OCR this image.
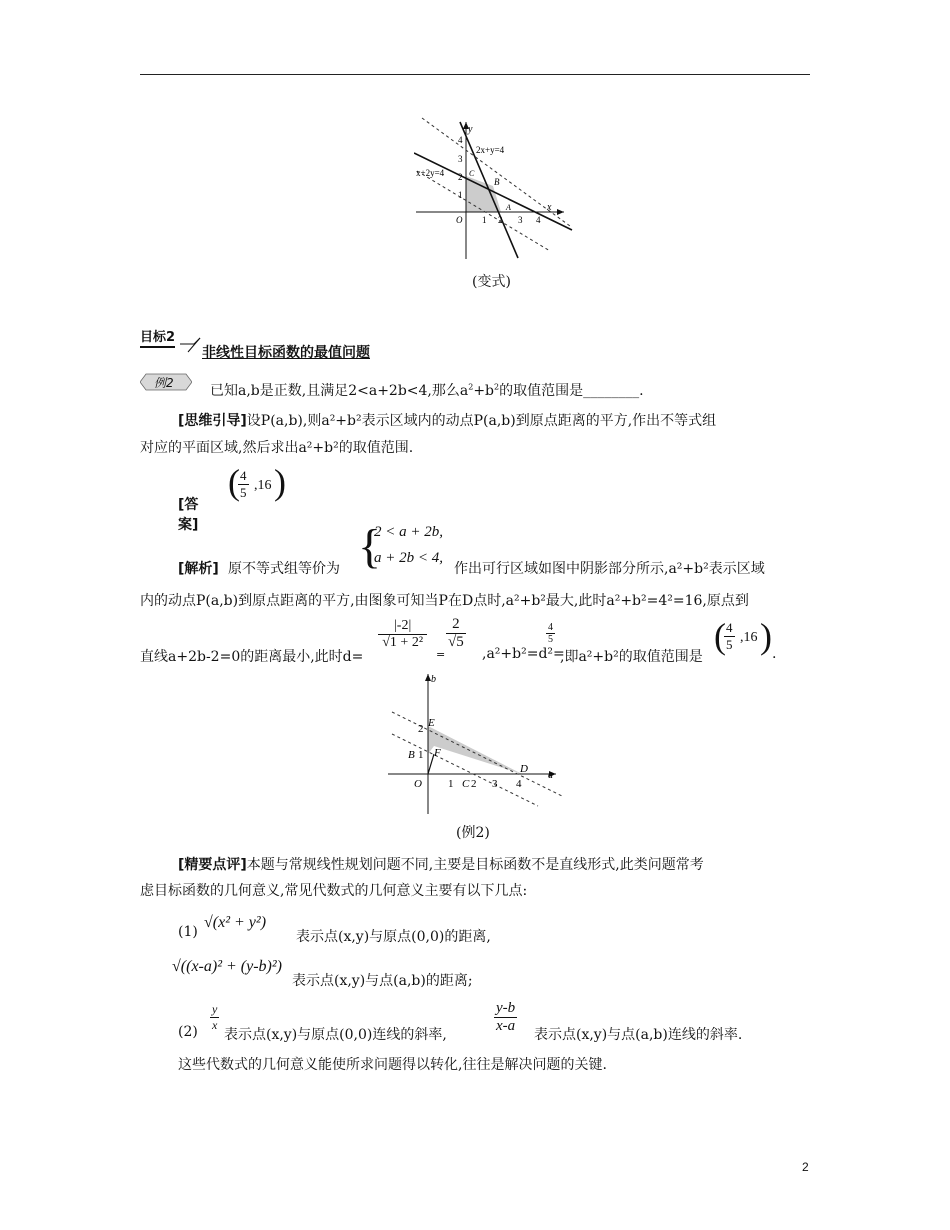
y
x
O
B
C
A
2x+y=4
x+2y=4
1 2 3 4
1
2
3
4
(变式)
目标2
非线性目标函数的最值问题
例2	已知a,b是正数,且满足2<a+2b<4,那么$a^2+b^2$的取值范围是________.
[思维引导]设P(a,b),则a²+b²表示区域内的动点P(a,b)到原点距离的平方,作出不等式组
对应的平面区域,然后求出a²+b²的取值范围.
[答案]
(
$\frac{4}{5} ,16$ )
[解析] 原不等式组等价为 {
2 < a + 2b,
a + 2b < 4,
作出可行区域如图中阴影部分所示,a²+b²表示区域
内的动点P(a,b)到原点距离的平方,由图象可知当P在D点时,a²+b²最大,此时a²+b²=4²=16,原点到
直线a+2b-2=0的距离最小,此时d=
$\frac{|-2|}{\text{√1 + 2²}}$
=
$\frac{2}{√5}$
,a²+b²=d²=
$\frac{4}{5}$
,即a²+b²的取值范围是
(
$\frac{4}{5} ,16$ ) .
b
a
O
E
F
B
C
D
1 2 3 4
1
2
(例2)
[精要点评]本题与常规线性规划问题不同,主要是目标函数不是直线形式,此类问题常考
虑目标函数的几何意义,常见代数式的几何意义主要有以下几点:
(1)
√(x² + y²)
表示点(x,y)与原点(0,0)的距离,
√((x-a)² + (y-b)²)
表示点(x,y)与点(a,b)的距离;
$(2) \frac{y}{x}$
表示点(x,y)与原点(0,0)连线的斜率,	$\frac{y-b}{x-a}$ 表示点(x,y)与点(a,b)连线的斜率.
这些代数式的几何意义能使所求问题得以转化,往往是解决问题的关键.
2
